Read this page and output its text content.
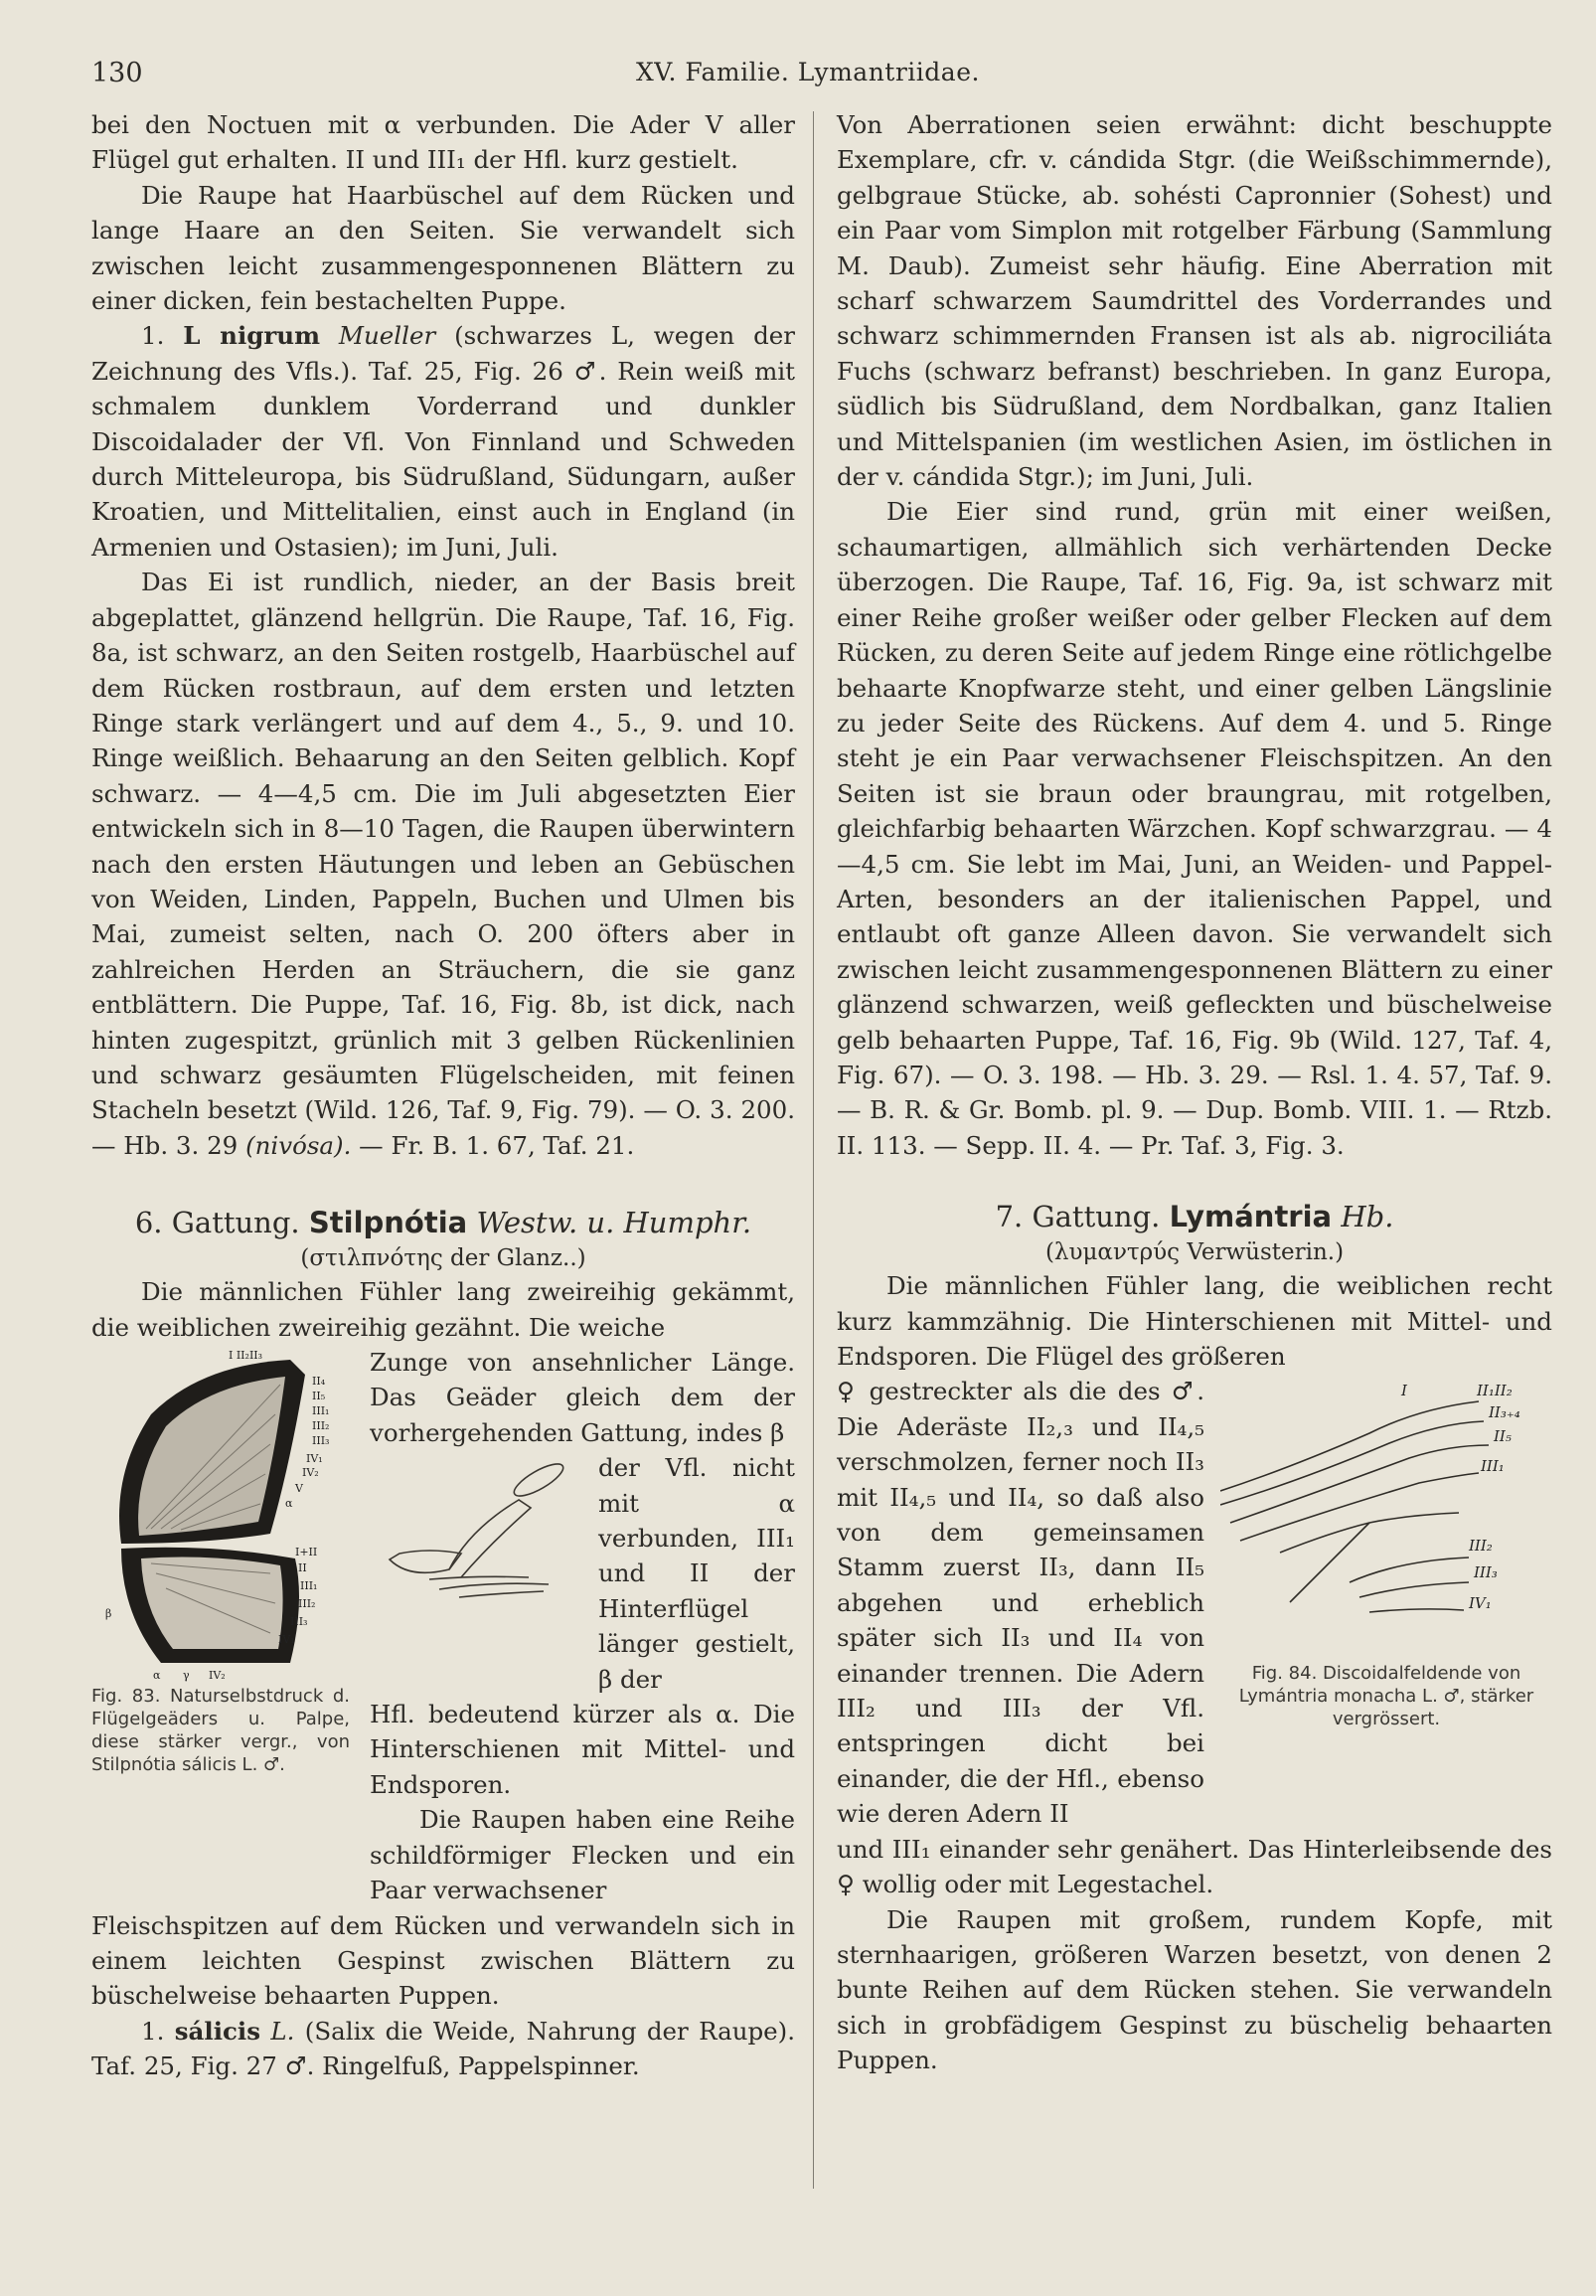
130	XV. Familie. Lymantriidae.

bei den Noctuen mit α verbunden. Die Ader V aller Flügel gut erhalten. II und III₁ der Hfl. kurz gestielt.

Die Raupe hat Haarbüschel auf dem Rücken und lange Haare an den Seiten. Sie verwandelt sich zwischen leicht zusammengesponnenen Blättern zu einer dicken, fein bestachelten Puppe.

1. L nigrum Mueller (schwarzes L, wegen der Zeichnung des Vfls.). Taf. 25, Fig. 26 ♂. Rein weiß mit schmalem dunklem Vorderrand und dunkler Discoidalader der Vfl. Von Finnland und Schweden durch Mitteleuropa, bis Südrußland, Südungarn, außer Kroatien, und Mittelitalien, einst auch in England (in Armenien und Ostasien); im Juni, Juli.

Das Ei ist rundlich, nieder, an der Basis breit abgeplattet, glänzend hellgrün. Die Raupe, Taf. 16, Fig. 8a, ist schwarz, an den Seiten rostgelb, Haarbüschel auf dem Rücken rostbraun, auf dem ersten und letzten Ringe stark verlängert und auf dem 4., 5., 9. und 10. Ringe weißlich. Behaarung an den Seiten gelblich. Kopf schwarz. — 4—4,5 cm. Die im Juli abgesetzten Eier entwickeln sich in 8—10 Tagen, die Raupen überwintern nach den ersten Häutungen und leben an Gebüschen von Weiden, Linden, Pappeln, Buchen und Ulmen bis Mai, zumeist selten, nach O. 200 öfters aber in zahlreichen Herden an Sträuchern, die sie ganz entblättern. Die Puppe, Taf. 16, Fig. 8b, ist dick, nach hinten zugespitzt, grünlich mit 3 gelben Rückenlinien und schwarz gesäumten Flügelscheiden, mit feinen Stacheln besetzt (Wild. 126, Taf. 9, Fig. 79). — O. 3. 200. — Hb. 3. 29 (nivósa). — Fr. B. 1. 67, Taf. 21.

6. Gattung. Stilpnótia Westw. u. Humphr.

(στιλπνότης der Glanz..)

Die männlichen Fühler lang zweireihig gekämmt, die weiblichen zweireihig gezähnt. Die weiche

I II₂II₃
II₄
II₅
III₁
III₂
III₃
IV₁
IV₂
V
α
I+II
II
III₁
III₂
III₃
IV₁
β
α γ IV₂
Fig. 83. Naturselbstdruck d. Flügelgeäders u. Palpe, diese stärker vergr., von Stilpnótia sálicis L. ♂.

Zunge von ansehnlicher Länge. Das Geäder gleich dem der vorhergehenden Gattung, indes β

der Vfl. nicht mit α verbunden, III₁ und II der Hinterflügel länger gestielt, β der

Hfl. bedeutend kürzer als α. Die Hinterschienen mit Mittel- und Endsporen.

Die Raupen haben eine Reihe schildförmiger Flecken und ein Paar verwachsener

Fleischspitzen auf dem Rücken und verwandeln sich in einem leichten Gespinst zwischen Blättern zu büschelweise behaarten Puppen.

1. sálicis L. (Salix die Weide, Nahrung der Raupe). Taf. 25, Fig. 27 ♂. Ringelfuß, Pappelspinner.

Von Aberrationen seien erwähnt: dicht beschuppte Exemplare, cfr. v. cándida Stgr. (die Weißschimmernde), gelbgraue Stücke, ab. sohésti Capronnier (Sohest) und ein Paar vom Simplon mit rotgelber Färbung (Sammlung M. Daub). Zumeist sehr häufig. Eine Aberration mit scharf schwarzem Saumdrittel des Vorderrandes und schwarz schimmernden Fransen ist als ab. nigrociliáta Fuchs (schwarz befranst) beschrieben. In ganz Europa, südlich bis Südrußland, dem Nordbalkan, ganz Italien und Mittelspanien (im westlichen Asien, im östlichen in der v. cándida Stgr.); im Juni, Juli.

Die Eier sind rund, grün mit einer weißen, schaumartigen, allmählich sich verhärtenden Decke überzogen. Die Raupe, Taf. 16, Fig. 9a, ist schwarz mit einer Reihe großer weißer oder gelber Flecken auf dem Rücken, zu deren Seite auf jedem Ringe eine rötlichgelbe behaarte Knopfwarze steht, und einer gelben Längslinie zu jeder Seite des Rückens. Auf dem 4. und 5. Ringe steht je ein Paar verwachsener Fleischspitzen. An den Seiten ist sie braun oder braungrau, mit rotgelben, gleichfarbig behaarten Wärzchen. Kopf schwarzgrau. — 4—4,5 cm. Sie lebt im Mai, Juni, an Weiden- und Pappel-Arten, besonders an der italienischen Pappel, und entlaubt oft ganze Alleen davon. Sie verwandelt sich zwischen leicht zusammengesponnenen Blättern zu einer glänzend schwarzen, weiß gefleckten und büschelweise gelb behaarten Puppe, Taf. 16, Fig. 9b (Wild. 127, Taf. 4, Fig. 67). — O. 3. 198. — Hb. 3. 29. — Rsl. 1. 4. 57, Taf. 9. — B. R. & Gr. Bomb. pl. 9. — Dup. Bomb. VIII. 1. — Rtzb. II. 113. — Sepp. II. 4. — Pr. Taf. 3, Fig. 3.

7. Gattung. Lymántria Hb.

(λυμαντρύς Verwüsterin.)

Die männlichen Fühler lang, die weiblichen recht kurz kammzähnig. Die Hinterschienen mit Mittel- und Endsporen. Die Flügel des größeren

♀ gestreckter als die des ♂. Die Aderäste II₂,₃ und II₄,₅ verschmolzen, ferner noch II₃ mit II₄,₅ und II₄, so daß also von dem gemeinsamen Stamm zuerst II₃, dann II₅ abgehen und erheblich später sich II₃ und II₄ von einander trennen. Die Adern III₂ und III₃ der Vfl. entspringen dicht bei einander, die der Hfl., ebenso wie deren Adern II

I	II₁II₂
II₃₊₄
II₅
III₁
III₂
III₃
IV₁
Fig. 84. Discoidalfeldende von Lymántria monacha L. ♂, stärker vergrössert.

und III₁ einander sehr genähert. Das Hinterleibsende des ♀ wollig oder mit Legestachel.

Die Raupen mit großem, rundem Kopfe, mit sternhaarigen, größeren Warzen besetzt, von denen 2 bunte Reihen auf dem Rücken stehen. Sie verwandeln sich in grobfädigem Gespinst zu büschelig behaarten Puppen.
